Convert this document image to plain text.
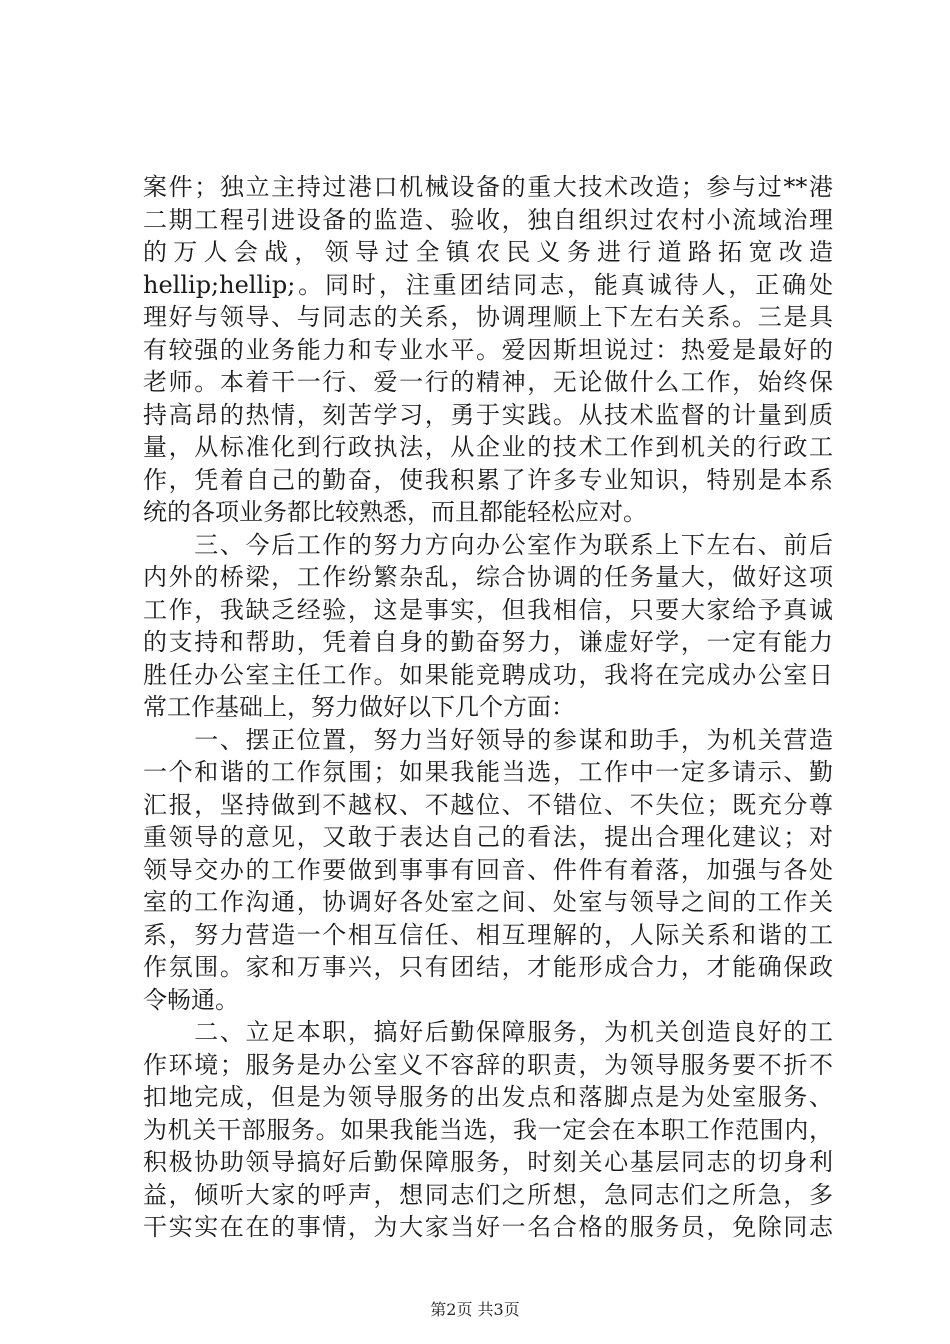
案件；独立主持过港口机械设备的重大技术改造；参与过**港
二期工程引进设备的监造、验收，独自组织过农村小流域治理
的万人会战，领导过全镇农民义务进行道路拓宽改造
hellip;hellip;。同时，注重团结同志，能真诚待人，正确处
理好与领导、与同志的关系，协调理顺上下左右关系。三是具
有较强的业务能力和专业水平。爱因斯坦说过：热爱是最好的
老师。本着干一行、爱一行的精神，无论做什么工作，始终保
持高昂的热情，刻苦学习，勇于实践。从技术监督的计量到质
量，从标准化到行政执法，从企业的技术工作到机关的行政工
作，凭着自己的勤奋，使我积累了许多专业知识，特别是本系
统的各项业务都比较熟悉，而且都能轻松应对。
　　三、今后工作的努力方向办公室作为联系上下左右、前后
内外的桥梁，工作纷繁杂乱，综合协调的任务量大，做好这项
工作，我缺乏经验，这是事实，但我相信，只要大家给予真诚
的支持和帮助，凭着自身的勤奋努力，谦虚好学，一定有能力
胜任办公室主任工作。如果能竞聘成功，我将在完成办公室日
常工作基础上，努力做好以下几个方面：
　　一、摆正位置，努力当好领导的参谋和助手，为机关营造
一个和谐的工作氛围；如果我能当选，工作中一定多请示、勤
汇报，坚持做到不越权、不越位、不错位、不失位；既充分尊
重领导的意见，又敢于表达自己的看法，提出合理化建议；对
领导交办的工作要做到事事有回音、件件有着落，加强与各处
室的工作沟通，协调好各处室之间、处室与领导之间的工作关
系，努力营造一个相互信任、相互理解的，人际关系和谐的工
作氛围。家和万事兴，只有团结，才能形成合力，才能确保政
令畅通。
　　二、立足本职，搞好后勤保障服务，为机关创造良好的工
作环境；服务是办公室义不容辞的职责，为领导服务要不折不
扣地完成，但是为领导服务的出发点和落脚点是为处室服务、
为机关干部服务。如果我能当选，我一定会在本职工作范围内，
积极协助领导搞好后勤保障服务，时刻关心基层同志的切身利
益，倾听大家的呼声，想同志们之所想，急同志们之所急，多
干实实在在的事情，为大家当好一名合格的服务员，免除同志
第2页 共3页
